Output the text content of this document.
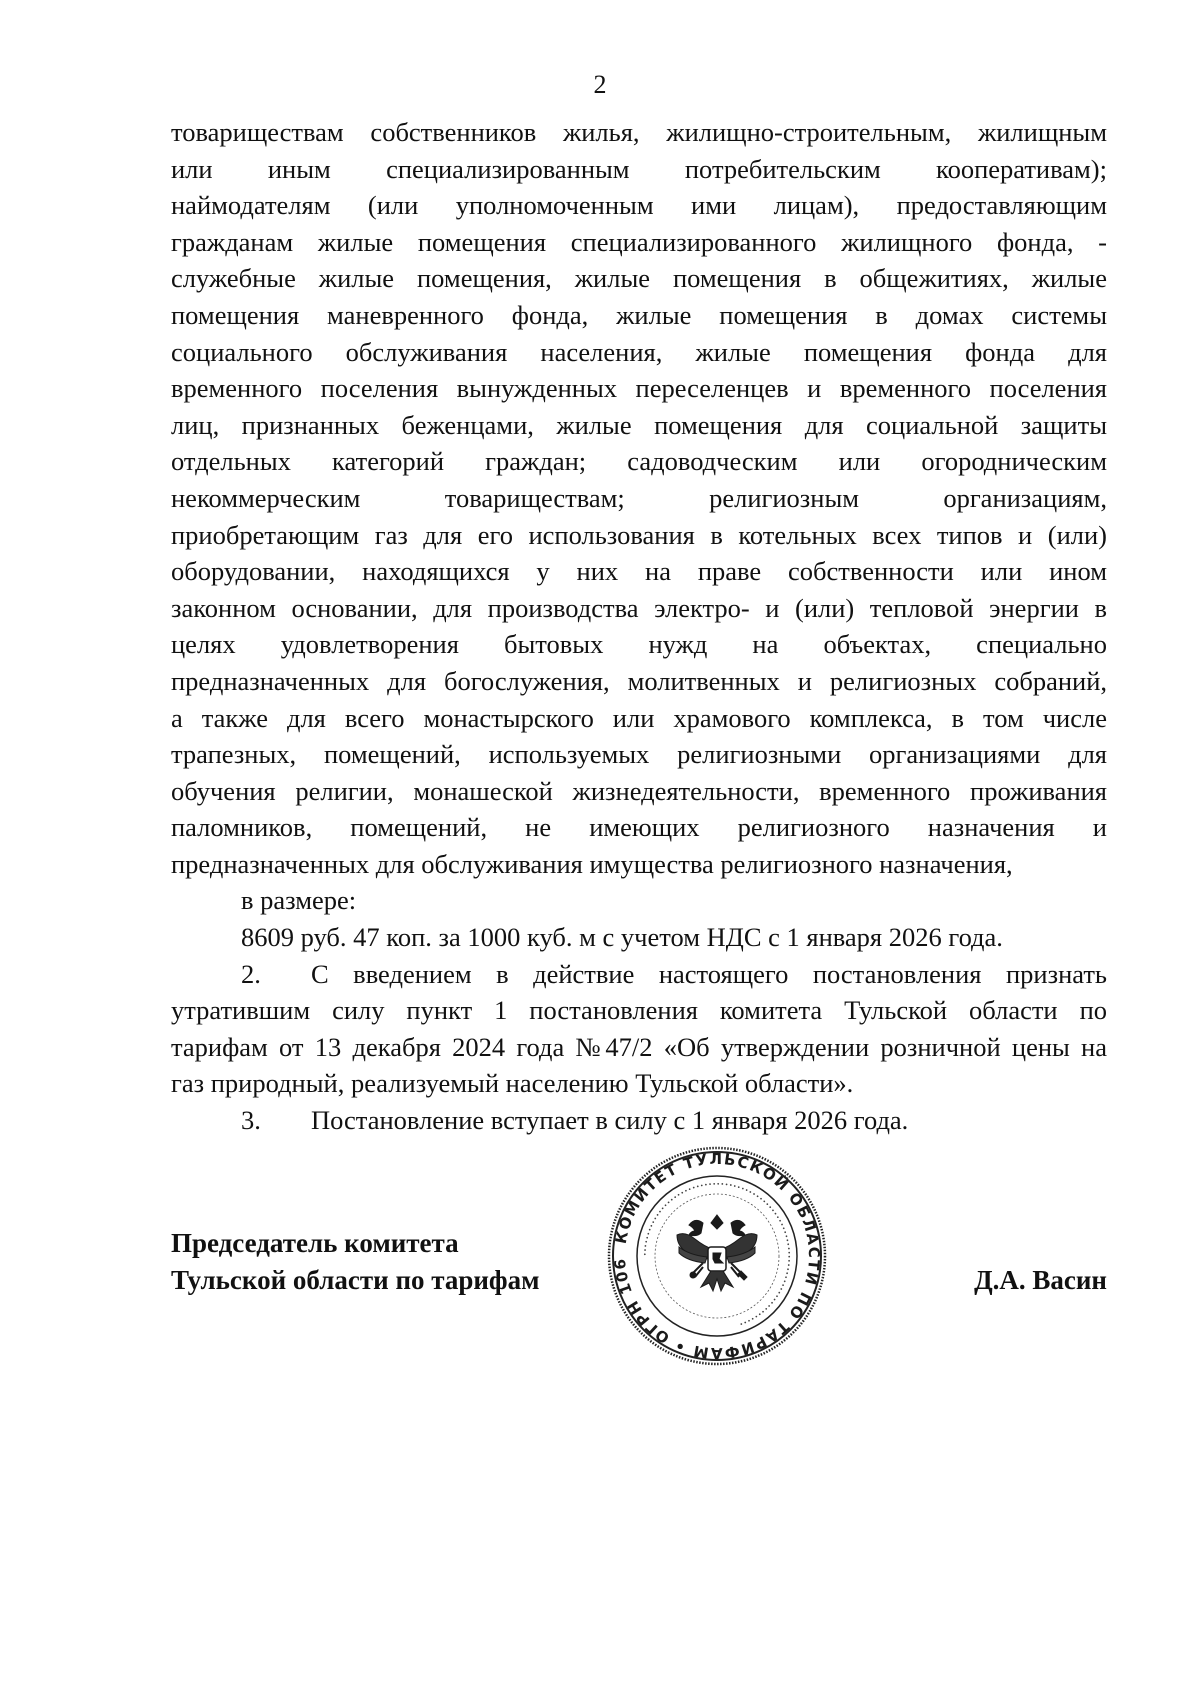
2
товариществам собственников жилья, жилищно-строительным, жилищным
или иным специализированным потребительским кооперативам);
наймодателям (или уполномоченным ими лицам), предоставляющим
гражданам жилые помещения специализированного жилищного фонда, -
служебные жилые помещения, жилые помещения в общежитиях, жилые
помещения маневренного фонда, жилые помещения в домах системы
социального обслуживания населения, жилые помещения фонда для
временного поселения вынужденных переселенцев и временного поселения
лиц, признанных беженцами, жилые помещения для социальной защиты
отдельных категорий граждан; садоводческим или огородническим
некоммерческим товариществам; религиозным организациям,
приобретающим газ для его использования в котельных всех типов и (или)
оборудовании, находящихся у них на праве собственности или ином
законном основании, для производства электро- и (или) тепловой энергии в
целях удовлетворения бытовых нужд на объектах, специально
предназначенных для богослужения, молитвенных и религиозных собраний,
а также для всего монастырского или храмового комплекса, в том числе
трапезных, помещений, используемых религиозными организациями для
обучения религии, монашеской жизнедеятельности, временного проживания
паломников, помещений, не имеющих религиозного назначения и
предназначенных для обслуживания имущества религиозного назначения,
в размере:
8609 руб. 47 коп. за 1000 куб. м с учетом НДС с 1 января 2026 года.
2. С введением в действие настоящего постановления признать
утратившим силу пункт 1 постановления комитета Тульской области по
тарифам от 13 декабря 2024 года №47/2 «Об утверждении розничной цены на
газ природный, реализуемый населению Тульской области».
3. Постановление вступает в силу с 1 января 2026 года.
КОМИТЕТ ТУЛЬСКОЙ ОБЛАСТИ ПО ТАРИФАМ • ОГРН 106
••••••••••••••••••••••••••••••••••••••••••••••••••••••••••••••••••••••••••••
Председатель комитета
Тульской области по тарифам	Д.А. Васин
